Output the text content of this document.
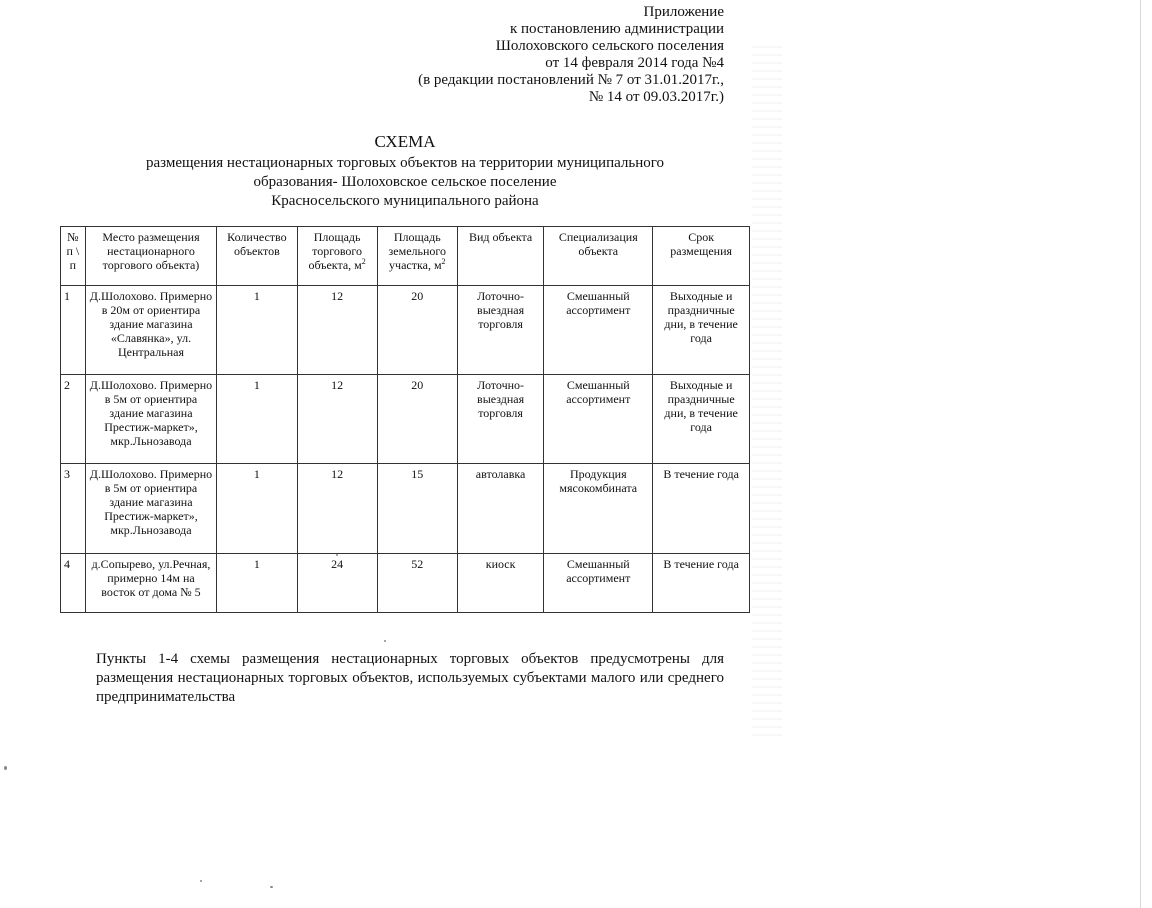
Приложение
к постановлению администрации
Шолоховского сельского поселения
от 14 февраля 2014 года №4
(в редакции постановлений № 7 от 31.01.2017г.,
№ 14 от 09.03.2017г.)
СХЕМА
размещения нестационарных торговых объектов на территории муниципального
образования- Шолоховское сельское поселение
Красносельского муниципального района
№ п \ п	Место размещения нестационарного торгового объекта)	Количество объектов	Площадь торгового объекта, $м^2$	Площадь земельного участка, $м^2$	Вид объекта	Специализация объекта	Срок размещения
1	Д.Шолохово. Примерно в 20м от ориентира здание магазина «Славянка», ул. Центральная	1	12	20	Лоточно-выездная торговля	Смешанный ассортимент	Выходные и праздничные дни, в течение года
2	Д.Шолохово. Примерно в 5м от ориентира здание магазина Престиж-маркет», мкр.Льнозавода	1	12	20	Лоточно-выездная торговля	Смешанный ассортимент	Выходные и праздничные дни, в течение года
3	Д.Шолохово. Примерно в 5м от ориентира здание магазина Престиж-маркет», мкр.Льнозавода	1	12	15	автолавка	Продукция мясокомбината	В течение года
4	д.Сопырево, ул.Речная, примерно 14м на восток от дома № 5	1	24	52	киоск	Смешанный ассортимент	В течение года
Пункты 1-4 схемы размещения нестационарных торговых объектов предусмотрены для размещения нестационарных торговых объектов, используемых субъектами малого или среднего предпринимательства
